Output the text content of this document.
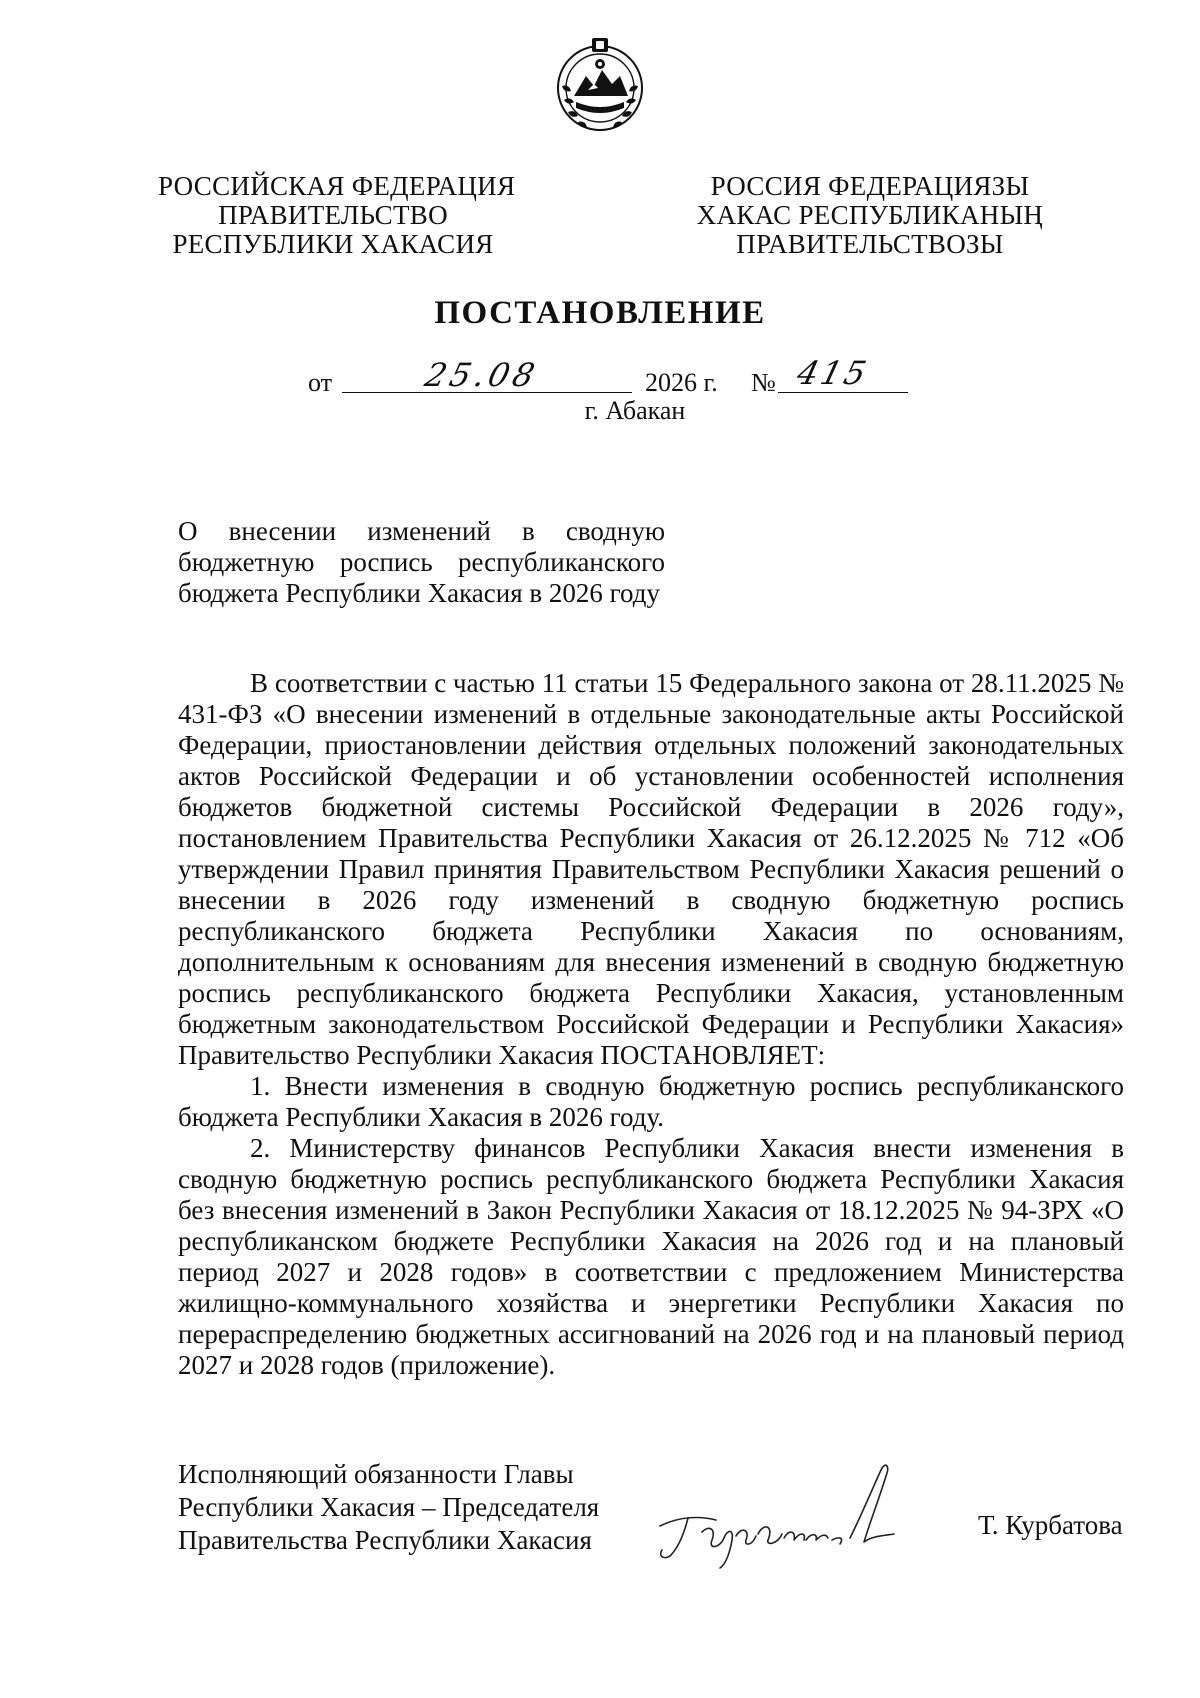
РОССИЙСКАЯ ФЕДЕРАЦИЯ
ПРАВИТЕЛЬСТВО
РЕСПУБЛИКИ ХАКАСИЯ
РОССИЯ ФЕДЕРАЦИЯЗЫ
ХАКАС РЕСПУБЛИКАНЫҢ
ПРАВИТЕЛЬСТВОЗЫ
ПОСТАНОВЛЕНИЕ
от	25.08	2026 г. № 415
г. Абакан
О внесении изменений в сводную
бюджетную роспись республиканского
бюджета Республики Хакасия в 2026 году

В соответствии с частью 11 статьи 15 Федерального закона от 28.11.2025 № 431-ФЗ «О внесении изменений в отдельные законодательные акты Российской Федерации, приостановлении действия отдельных положений законодательных актов Российской Федерации и об установлении особенностей исполнения бюджетов бюджетной системы Российской Федерации в 2026 году», постановлением Правительства Республики Хакасия от 26.12.2025 № 712 «Об утверждении Правил принятия Правительством Республики Хакасия решений о внесении в 2026 году изменений в сводную бюджетную роспись республиканского бюджета Республики Хакасия по основаниям, дополнительным к основаниям для внесения изменений в сводную бюджетную роспись республиканского бюджета Республики Хакасия, установленным бюджетным законодательством Российской Федерации и Республики Хакасия» Правительство Республики Хакасия ПОСТАНОВЛЯЕТ:

1. Внести изменения в сводную бюджетную роспись республиканского бюджета Республики Хакасия в 2026 году.

2. Министерству финансов Республики Хакасия внести изменения в сводную бюджетную роспись республиканского бюджета Республики Хакасия без внесения изменений в Закон Республики Хакасия от 18.12.2025 № 94-ЗРХ «О республиканском бюджете Республики Хакасия на 2026 год и на плановый период 2027 и 2028 годов» в соответствии с предложением Министерства жилищно-коммунального хозяйства и энергетики Республики Хакасия по перераспределению бюджетных ассигнований на 2026 год и на плановый период 2027 и 2028 годов (приложение).

Исполняющий обязанности Главы
Республики Хакасия – Председателя
Правительства Республики Хакасия	Т. Курбатова
